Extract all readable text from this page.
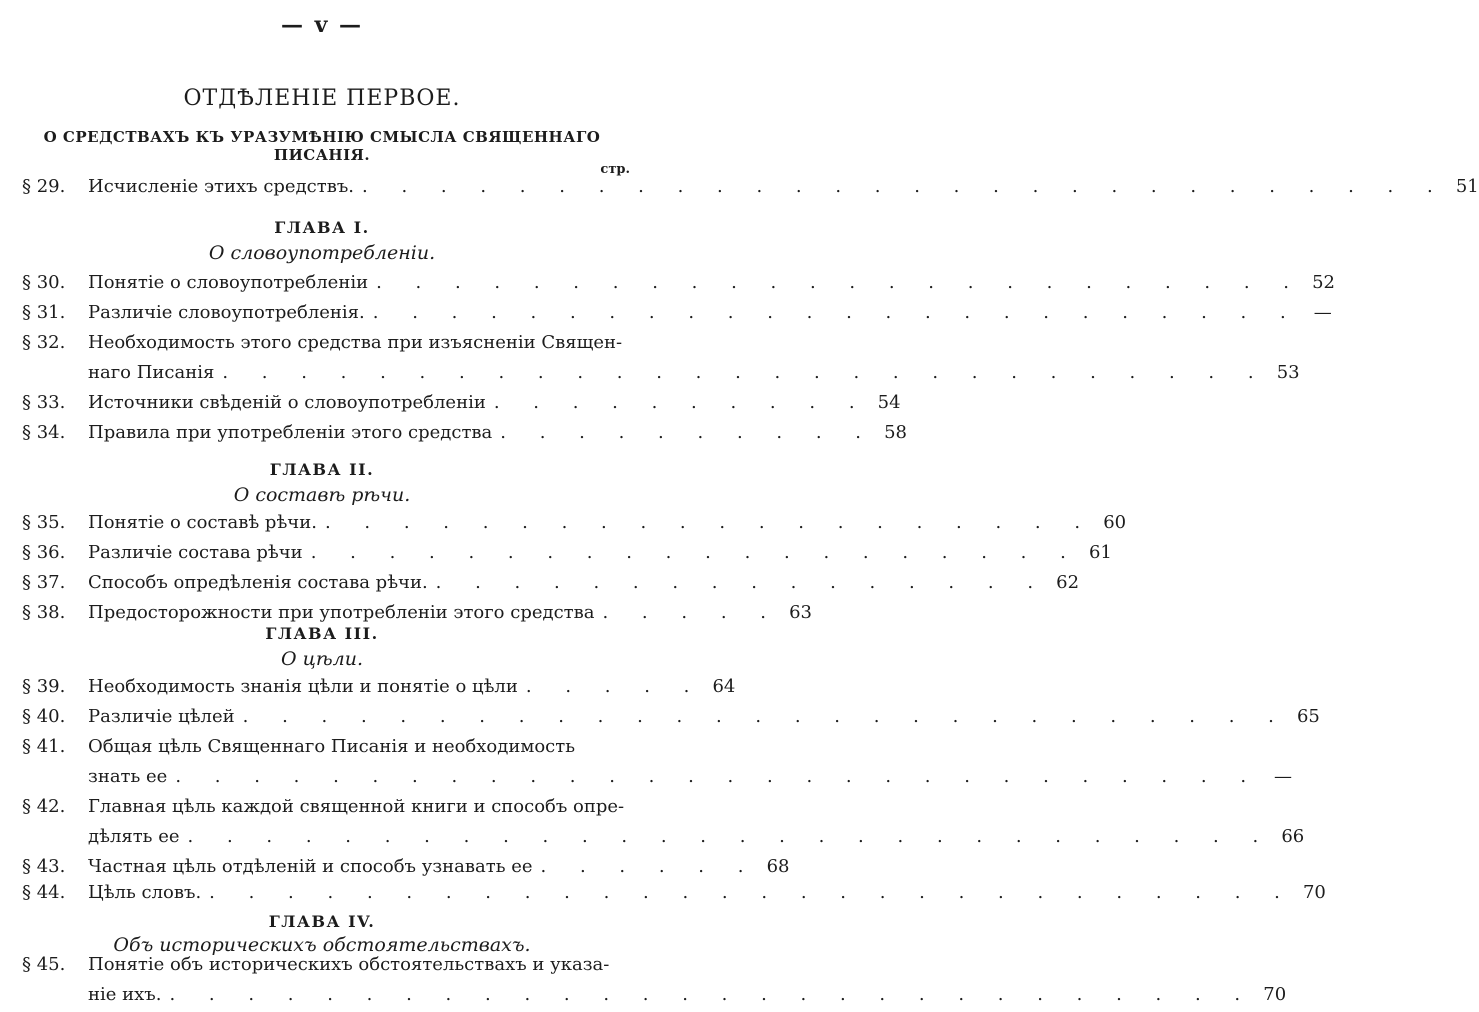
— v —
ОТДѢЛЕНІЕ ПЕРВОЕ.
О СРЕДСТВАХЪ КЪ УРАЗУМѢНІЮ СМЫСЛА СВЯЩЕННАГО ПИСАНІЯ.
стр.
§ 29.	Исчисленіе этихъ средствъ. . . . . . . . . . . . . . . . . . . . . . . . . . . . . 51
ГЛАВА I.
О словоупотребленіи.
§ 30.	Понятіе о словоупотребленіи . . . . . . . . . . . . . . . . . . . . . . . . 52
§ 31.	Различіе словоупотребленія. . . . . . . . . . . . . . . . . . . . . . . . . —
§ 32.	Необходимость этого средства при изъясненіи Священ-
наго Писанія . . . . . . . . . . . . . . . . . . . . . . . . . . . 53
§ 33.	Источники свѣденій о словоупотребленіи . . . . . . . . . . 54
§ 34.	Правила при употребленіи этого средства . . . . . . . . . . 58
ГЛАВА II.
О составѣ рѣчи.
§ 35.	Понятіе о составѣ рѣчи. . . . . . . . . . . . . . . . . . . . . 60
§ 36.	Различіе состава рѣчи . . . . . . . . . . . . . . . . . . . . 61
§ 37.	Способъ опредѣленія состава рѣчи. . . . . . . . . . . . . . . . . 62
§ 38.	Предосторожности при употребленіи этого средства . . . . . 63
ГЛАВА III.
О цѣли.
§ 39.	Необходимость знанія цѣли и понятіе о цѣли . . . . . 64
§ 40.	Различіе цѣлей . . . . . . . . . . . . . . . . . . . . . . . . . . . 65
§ 41.	Общая цѣль Священнаго Писанія и необходимость
знать ее . . . . . . . . . . . . . . . . . . . . . . . . . . . . —
§ 42.	Главная цѣль каждой священной книги и способъ опре-
дѣлять ее . . . . . . . . . . . . . . . . . . . . . . . . . . . . 66
§ 43.	Частная цѣль отдѣленій и способъ узнавать ее . . . . . . 68
§ 44.	Цѣль словъ. . . . . . . . . . . . . . . . . . . . . . . . . . . . . 70
ГЛАВА IV.
Объ историческихъ обстоятельствахъ.
§ 45.	Понятіе объ историческихъ обстоятельствахъ и указа-
ніе ихъ. . . . . . . . . . . . . . . . . . . . . . . . . . . . . 70
